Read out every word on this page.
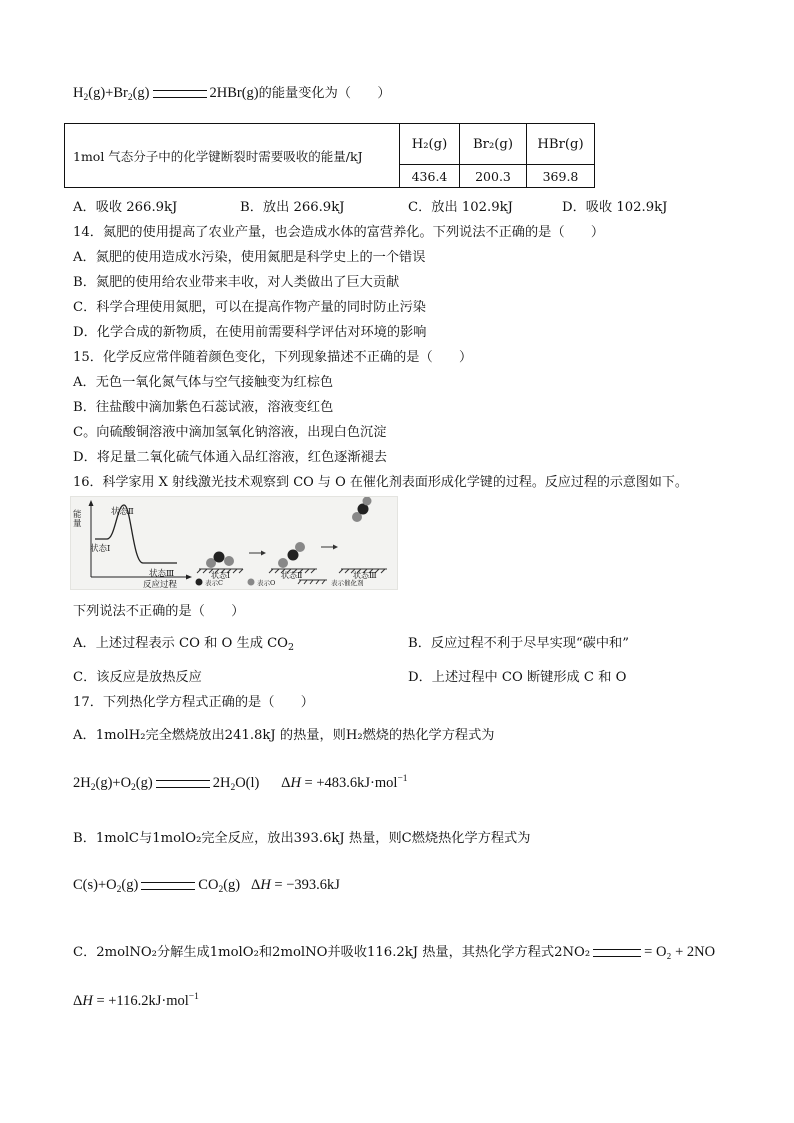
$H_2(g)+Br_2(g)$	2HBr(g)的能量变化为（　　）
1mol 气态分子中的化学键断裂时需要吸收的能量/kJ	H₂(g)	Br₂(g)	HBr(g)
	436.4	200.3	369.8
A．吸收 266.9kJ	B．放出 266.9kJ	C．放出 102.9kJ	D．吸收 102.9kJ
14．氮肥的使用提高了农业产量，也会造成水体的富营养化。下列说法不正确的是（　　）
A．氮肥的使用造成水污染，使用氮肥是科学史上的一个错误
B．氮肥的使用给农业带来丰收，对人类做出了巨大贡献
C．科学合理使用氮肥，可以在提高作物产量的同时防止污染
D．化学合成的新物质，在使用前需要科学评估对环境的影响
15．化学反应常伴随着颜色变化，下列现象描述不正确的是（　　）
A．无色一氧化氮气体与空气接触变为红棕色
B．往盐酸中滴加紫色石蕊试液，溶液变红色
C。向硫酸铜溶液中滴加氢氧化钠溶液，出现白色沉淀
D．将足量二氧化硫气体通入品红溶液，红色逐渐褪去
16．科学家用 X 射线激光技术观察到 CO 与 O 在催化剂表面形成化学键的过程。反应过程的示意图如下。
能量
状态Ⅱ
状态Ⅰ
状态Ⅲ
反应过程
状态Ⅰ	状态Ⅱ	状态Ⅲ
表示C	表示O	表示催化剂
下列说法不正确的是（　　）
A．上述过程表示 CO 和 O 生成 $CO_2$	B．反应过程不利于尽早实现“碳中和”
C．该反应是放热反应	D．上述过程中 CO 断键形成 C 和 O
17．下列热化学方程式正确的是（　　）
A．1molH₂完全燃烧放出241.8kJ 的热量，则H₂燃烧的热化学方程式为
$2H_2(g)+O_2(g)$	$2H_2O(l)$      ΔH = +483.6kJ·mol$^{-1}$
B．1molC与1molO₂完全反应，放出393.6kJ 热量，则C燃烧热化学方程式为
$C(s)+O_2(g)$	$CO_2(g) \Delta H = -393.6kJ$
C．2molNO₂分解生成1molO₂和2molNO并吸收116.2kJ 热量，其热化学方程式2NO₂	= O₂ + 2NO
ΔH = +116.2kJ·mol$^{-1}$
